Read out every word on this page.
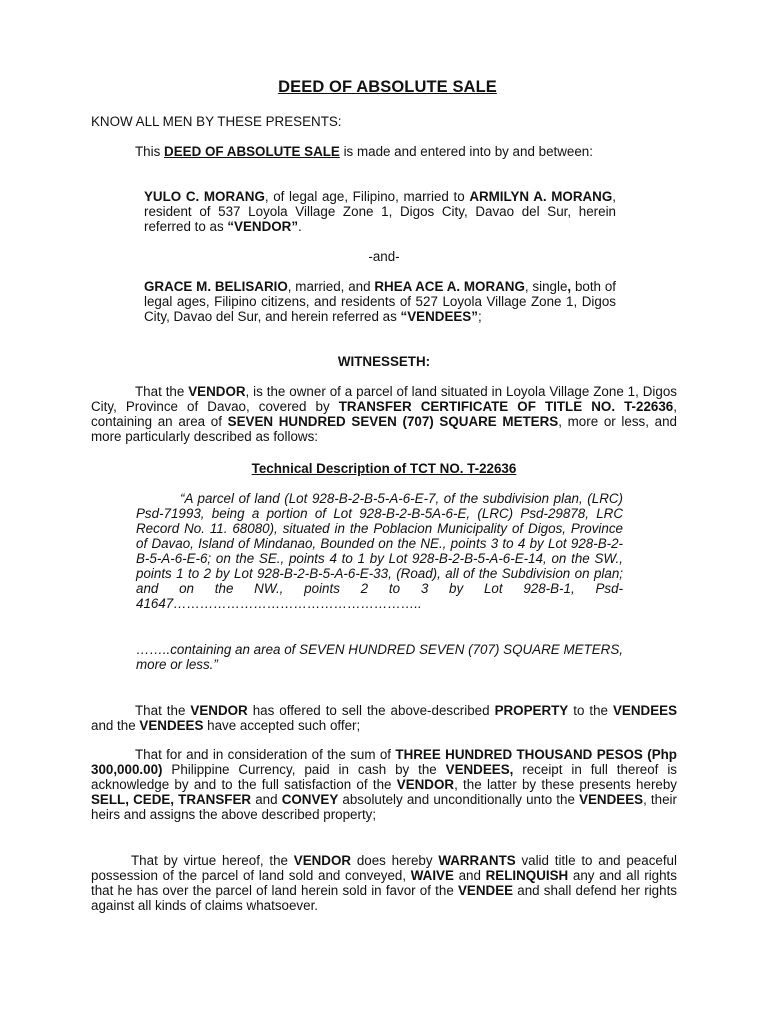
DEED OF ABSOLUTE SALE

KNOW ALL MEN BY THESE PRESENTS:

This DEED OF ABSOLUTE SALE is made and entered into by and between:

YULO C. MORANG, of legal age, Filipino, married to ARMILYN A. MORANG, resident of 537 Loyola Village Zone 1, Digos City, Davao del Sur, herein referred to as “VENDOR”.

-and-

GRACE M. BELISARIO, married, and RHEA ACE A. MORANG, single, both of legal ages, Filipino citizens, and residents of 527 Loyola Village Zone 1, Digos City, Davao del Sur, and herein referred as “VENDEES”;

WITNESSETH:

That the VENDOR, is the owner of a parcel of land situated in Loyola Village Zone 1, Digos City, Province of Davao, covered by TRANSFER CERTIFICATE OF TITLE NO. T-22636, containing an area of SEVEN HUNDRED SEVEN (707) SQUARE METERS, more or less, and more particularly described as follows:

Technical Description of TCT NO. T-22636

“A parcel of land (Lot 928-B-2-B-5-A-6-E-7, of the subdivision plan, (LRC) Psd-71993, being a portion of Lot 928-B-2-B-5A-6-E, (LRC) Psd-29878, LRC Record No. 11. 68080), situated in the Poblacion Municipality of Digos, Province of Davao, Island of Mindanao, Bounded on the NE., points 3 to 4 by Lot 928-B-2-B-5-A-6-E-6; on the SE., points 4 to 1 by Lot 928-B-2-B-5-A-6-E-14, on the SW., points 1 to 2 by Lot 928-B-2-B-5-A-6-E-33, (Road), all of the Subdivision on plan; and on the NW., points 2 to 3 by Lot 928-B-1, Psd-41647………………………………………………..

……..containing an area of SEVEN HUNDRED SEVEN (707) SQUARE METERS, more or less.”

That the VENDOR has offered to sell the above-described PROPERTY to the VENDEES and the VENDEES have accepted such offer;

That for and in consideration of the sum of THREE HUNDRED THOUSAND PESOS (Php 300,000.00) Philippine Currency, paid in cash by the VENDEES, receipt in full thereof is acknowledge by and to the full satisfaction of the VENDOR, the latter by these presents hereby SELL, CEDE, TRANSFER and CONVEY absolutely and unconditionally unto the VENDEES, their heirs and assigns the above described property;

That by virtue hereof, the VENDOR does hereby WARRANTS valid title to and peaceful possession of the parcel of land sold and conveyed, WAIVE and RELINQUISH any and all rights that he has over the parcel of land herein sold in favor of the VENDEE and shall defend her rights against all kinds of claims whatsoever.
